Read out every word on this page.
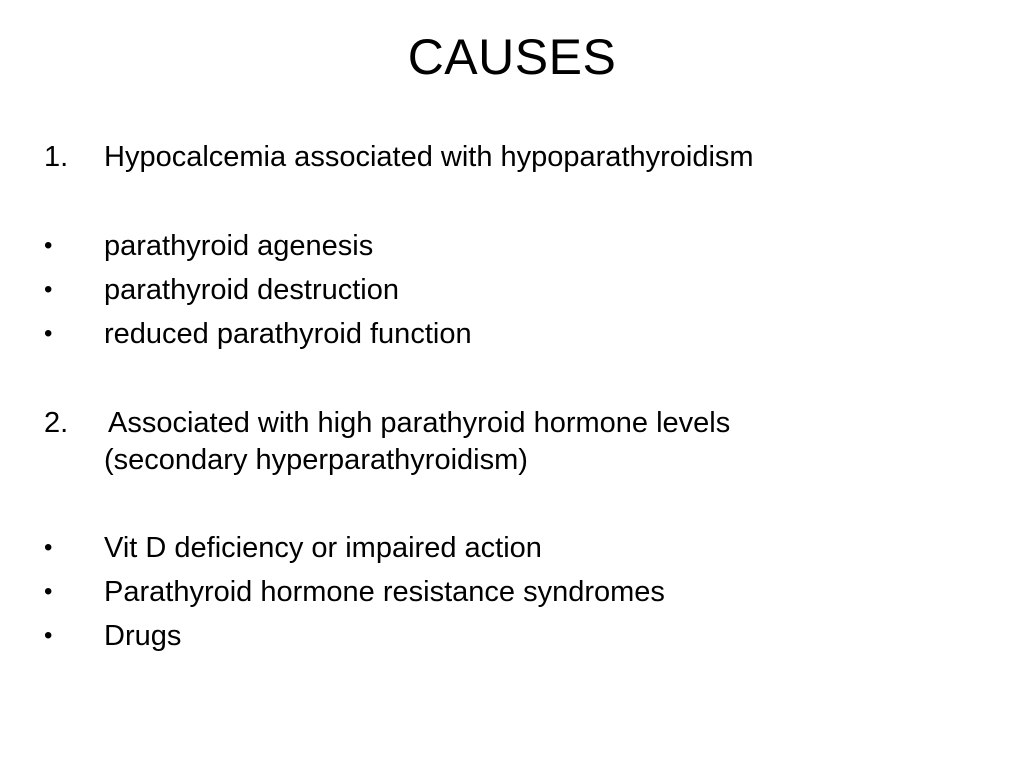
CAUSES
1. Hypocalcemia associated with hypoparathyroidism
• parathyroid agenesis
• parathyroid destruction
• reduced parathyroid function
2. Associated with high parathyroid hormone levels
(secondary hyperparathyroidism)
• Vit D deficiency or impaired action
• Parathyroid hormone resistance syndromes
• Drugs
